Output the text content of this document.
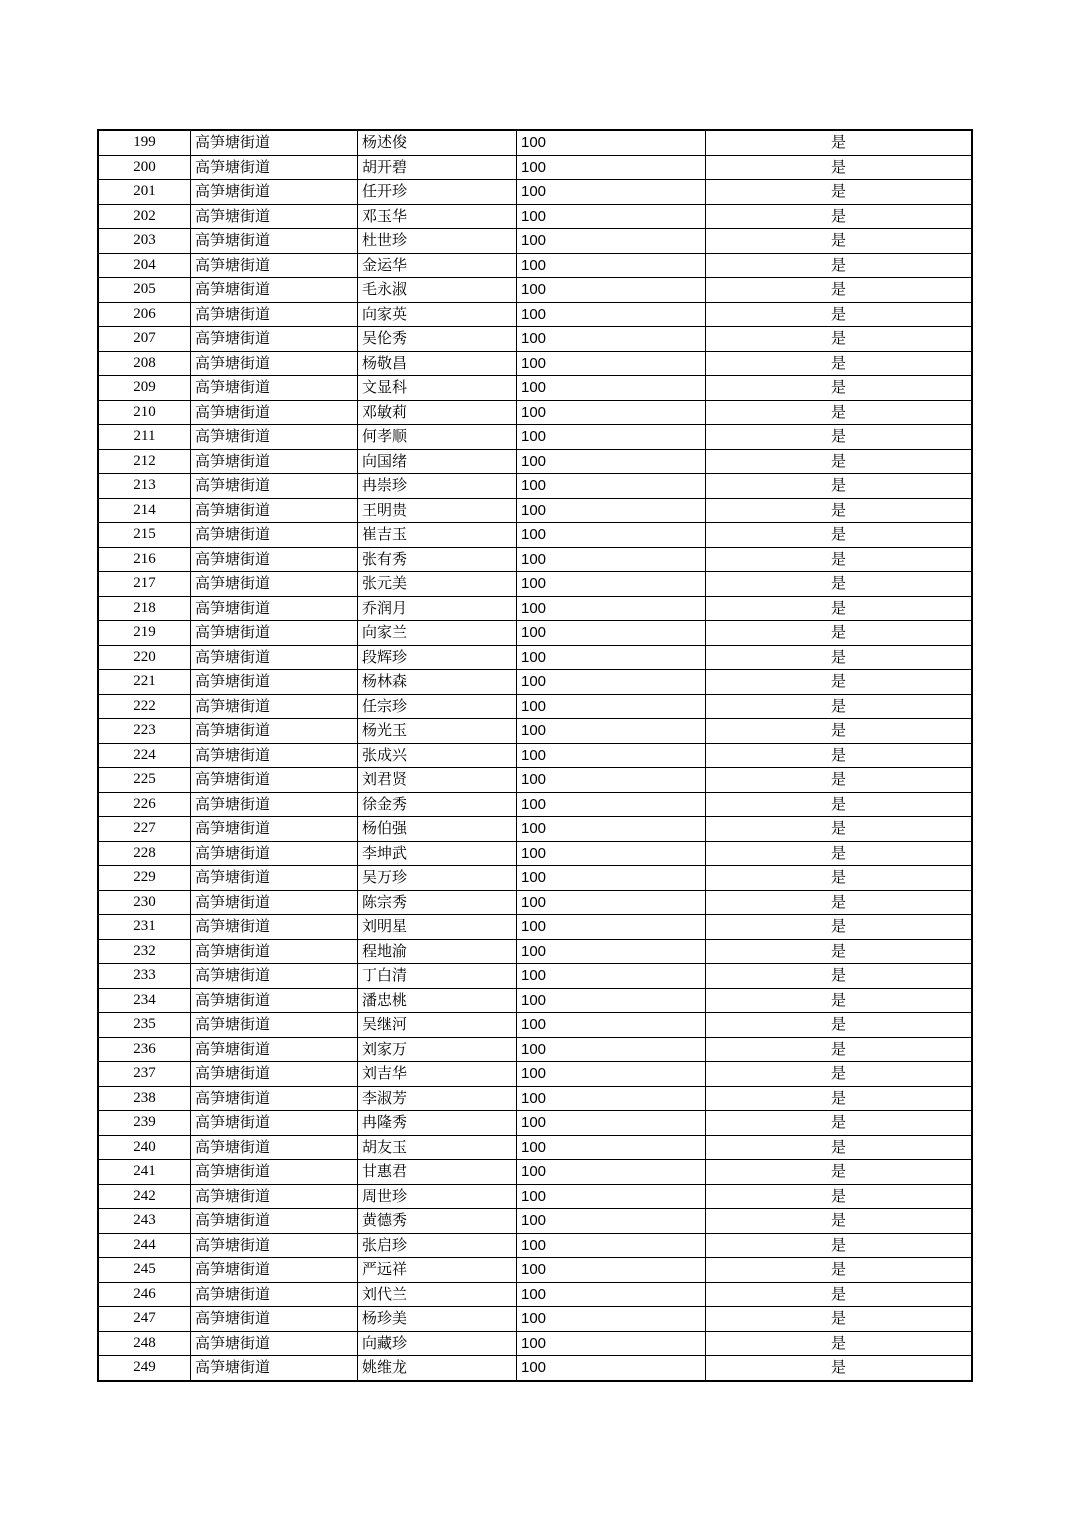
199	高笋塘街道	杨述俊	100	是
200	高笋塘街道	胡开碧	100	是
201	高笋塘街道	任开珍	100	是
202	高笋塘街道	邓玉华	100	是
203	高笋塘街道	杜世珍	100	是
204	高笋塘街道	金运华	100	是
205	高笋塘街道	毛永淑	100	是
206	高笋塘街道	向家英	100	是
207	高笋塘街道	吴伦秀	100	是
208	高笋塘街道	杨敬昌	100	是
209	高笋塘街道	文显科	100	是
210	高笋塘街道	邓敏莉	100	是
211	高笋塘街道	何孝顺	100	是
212	高笋塘街道	向国绪	100	是
213	高笋塘街道	冉崇珍	100	是
214	高笋塘街道	王明贵	100	是
215	高笋塘街道	崔吉玉	100	是
216	高笋塘街道	张有秀	100	是
217	高笋塘街道	张元美	100	是
218	高笋塘街道	乔润月	100	是
219	高笋塘街道	向家兰	100	是
220	高笋塘街道	段辉珍	100	是
221	高笋塘街道	杨林森	100	是
222	高笋塘街道	任宗珍	100	是
223	高笋塘街道	杨光玉	100	是
224	高笋塘街道	张成兴	100	是
225	高笋塘街道	刘君贤	100	是
226	高笋塘街道	徐金秀	100	是
227	高笋塘街道	杨伯强	100	是
228	高笋塘街道	李坤武	100	是
229	高笋塘街道	吴万珍	100	是
230	高笋塘街道	陈宗秀	100	是
231	高笋塘街道	刘明星	100	是
232	高笋塘街道	程地渝	100	是
233	高笋塘街道	丁白清	100	是
234	高笋塘街道	潘忠桃	100	是
235	高笋塘街道	吴继河	100	是
236	高笋塘街道	刘家万	100	是
237	高笋塘街道	刘吉华	100	是
238	高笋塘街道	李淑芳	100	是
239	高笋塘街道	冉隆秀	100	是
240	高笋塘街道	胡友玉	100	是
241	高笋塘街道	甘惠君	100	是
242	高笋塘街道	周世珍	100	是
243	高笋塘街道	黄德秀	100	是
244	高笋塘街道	张启珍	100	是
245	高笋塘街道	严远祥	100	是
246	高笋塘街道	刘代兰	100	是
247	高笋塘街道	杨珍美	100	是
248	高笋塘街道	向藏珍	100	是
249	高笋塘街道	姚维龙	100	是
